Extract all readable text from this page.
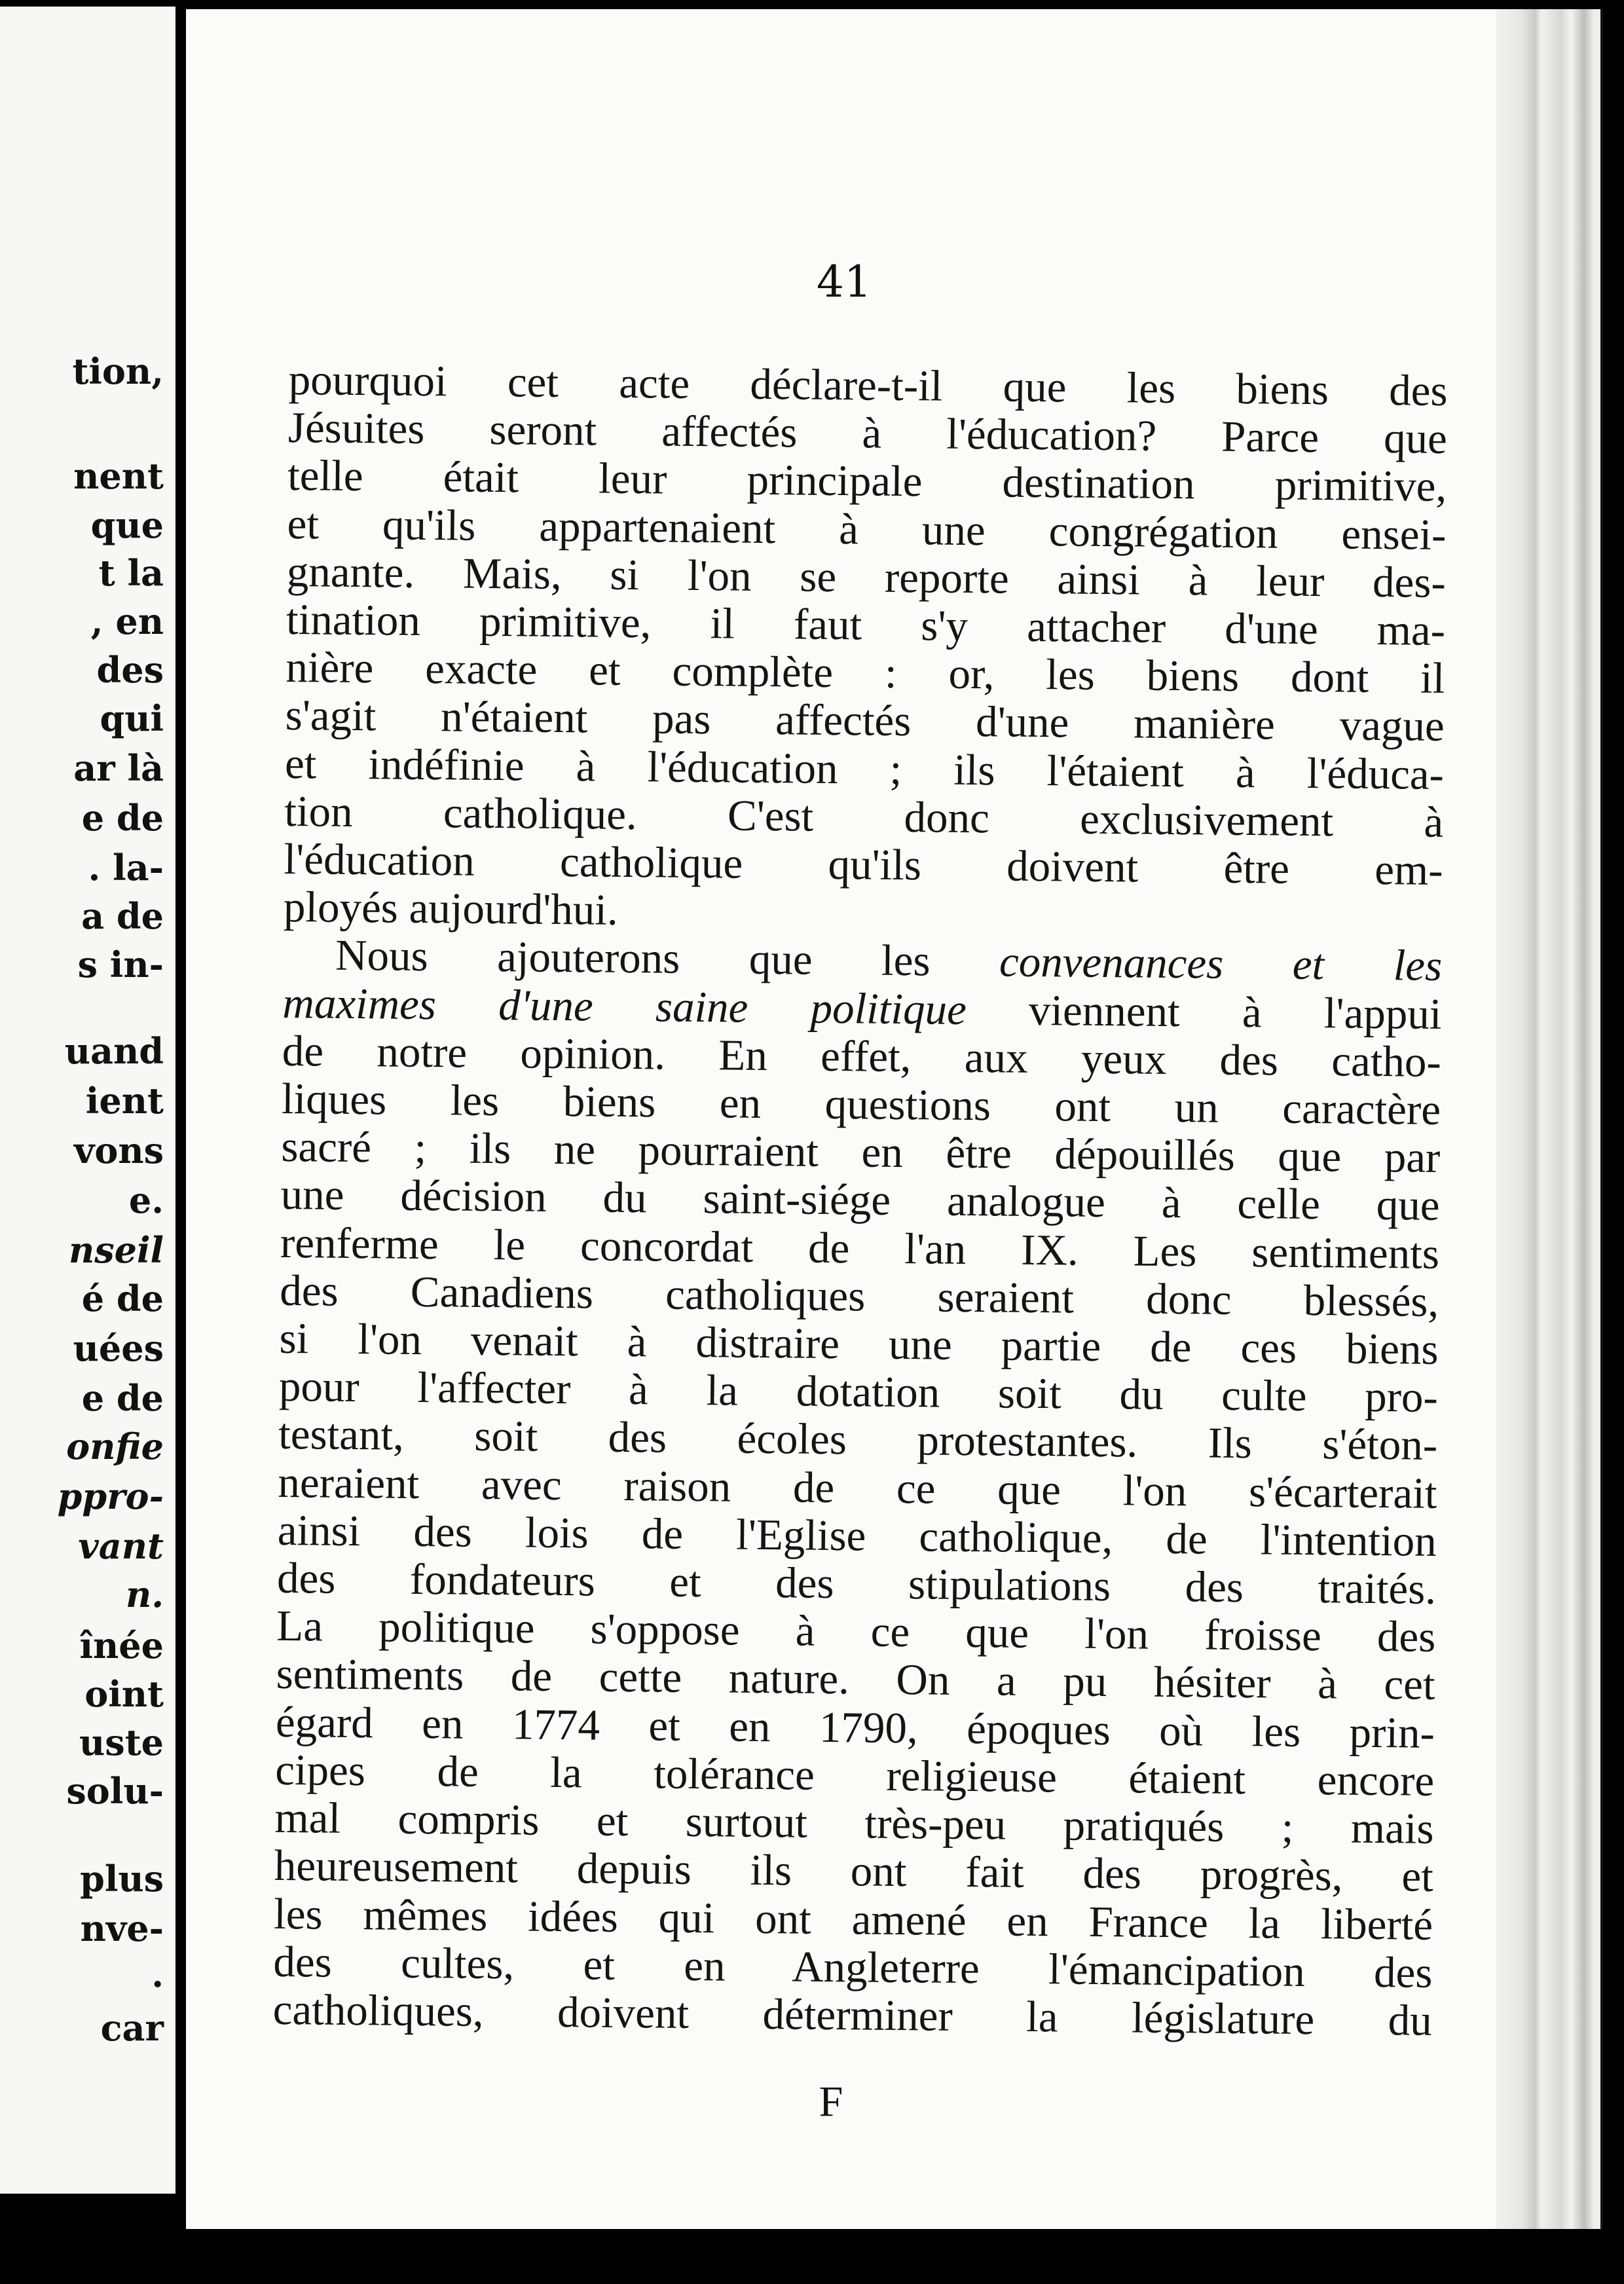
tion,
nent
que
t la
, en
des
qui
ar là
e de
. la-
a de
s in-
uand
ient
vons
e.
nseil
é de
uées
e de
onfie
ppro-
vant
n.
înée
oint
uste
solu-
plus
nve-
.
car
41
pourquoi cet acte déclare-t-il que les biens des
Jésuites seront affectés à l'éducation? Parce que
telle était leur principale destination primitive,
et qu'ils appartenaient à une congrégation ensei-
gnante. Mais, si l'on se reporte ainsi à leur des-
tination primitive, il faut s'y attacher d'une ma-
nière exacte et complète : or, les biens dont il
s'agit n'étaient pas affectés d'une manière vague
et indéfinie à l'éducation ; ils l'étaient à l'éduca-
tion catholique. C'est donc exclusivement à
l'éducation catholique qu'ils doivent être em-
ployés aujourd'hui.
Nous ajouterons que les convenances et les
maximes d'une saine politique viennent à l'appui
de notre opinion. En effet, aux yeux des catho-
liques les biens en questions ont un caractère
sacré ; ils ne pourraient en être dépouillés que par
une décision du saint-siége analogue à celle que
renferme le concordat de l'an IX. Les sentiments
des Canadiens catholiques seraient donc blessés,
si l'on venait à distraire une partie de ces biens
pour l'affecter à la dotation soit du culte pro-
testant, soit des écoles protestantes. Ils s'éton-
neraient avec raison de ce que l'on s'écarterait
ainsi des lois de l'Eglise catholique, de l'intention
des fondateurs et des stipulations des traités.
La politique s'oppose à ce que l'on froisse des
sentiments de cette nature. On a pu hésiter à cet
égard en 1774 et en 1790, époques où les prin-
cipes de la tolérance religieuse étaient encore
mal compris et surtout très-peu pratiqués ; mais
heureusement depuis ils ont fait des progrès, et
les mêmes idées qui ont amené en France la liberté
des cultes, et en Angleterre l'émancipation des
catholiques, doivent déterminer la législature du
F
